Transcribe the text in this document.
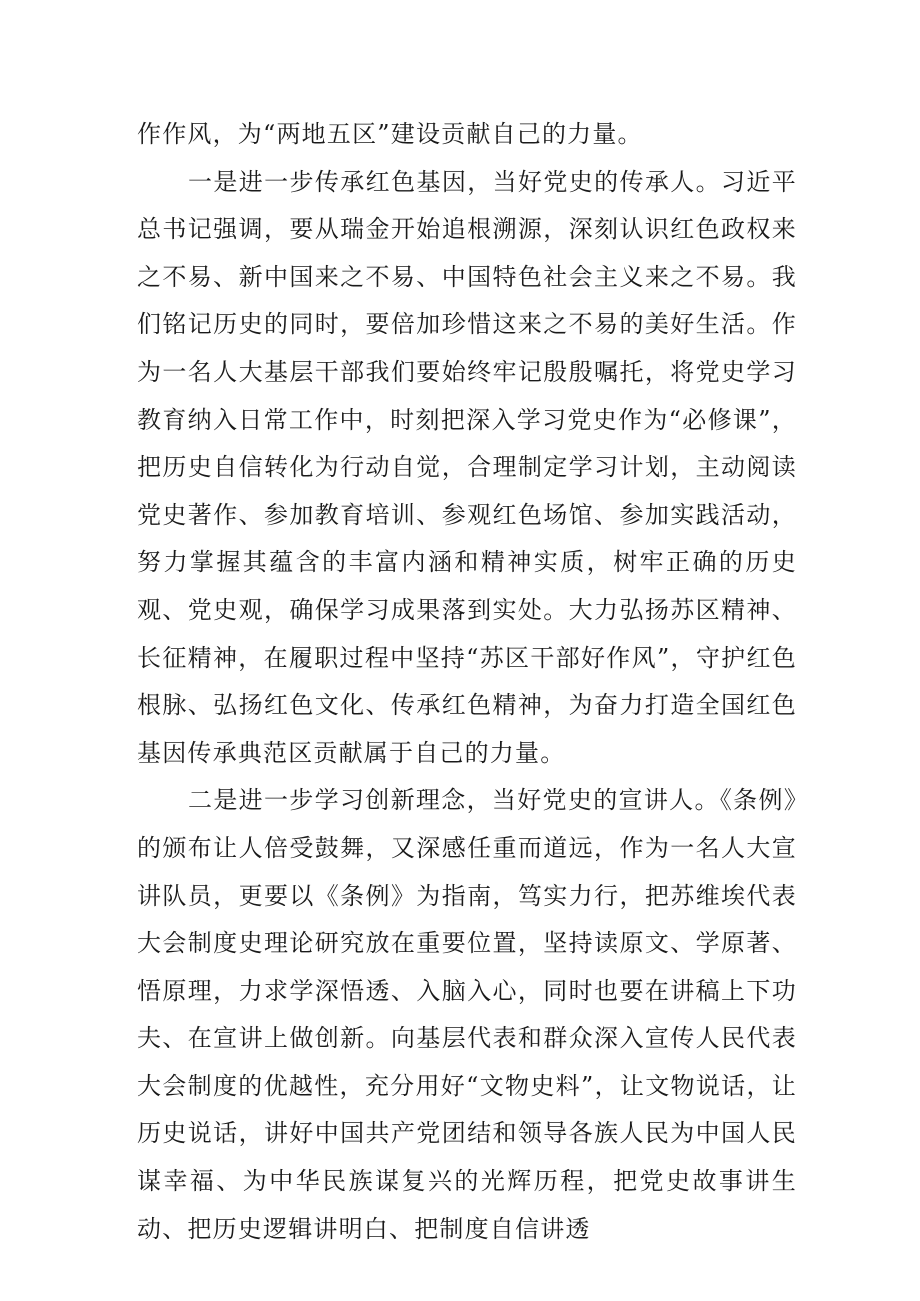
作作风，为“两地五区”建设贡献自己的力量。

一是进一步传承红色基因，当好党史的传承人。习近平总书记强调，要从瑞金开始追根溯源，深刻认识红色政权来之不易、新中国来之不易、中国特色社会主义来之不易。我们铭记历史的同时，要倍加珍惜这来之不易的美好生活。作为一名人大基层干部我们要始终牢记殷殷嘱托，将党史学习教育纳入日常工作中，时刻把深入学习党史作为“必修课”，把历史自信转化为行动自觉，合理制定学习计划，主动阅读党史著作、参加教育培训、参观红色场馆、参加实践活动，努力掌握其蕴含的丰富内涵和精神实质，树牢正确的历史观、党史观，确保学习成果落到实处。大力弘扬苏区精神、长征精神，在履职过程中坚持“苏区干部好作风”，守护红色根脉、弘扬红色文化、传承红色精神，为奋力打造全国红色基因传承典范区贡献属于自己的力量。

二是进一步学习创新理念，当好党史的宣讲人。《条例》的颁布让人倍受鼓舞，又深感任重而道远，作为一名人大宣讲队员，更要以《条例》为指南，笃实力行，把苏维埃代表大会制度史理论研究放在重要位置，坚持读原文、学原著、悟原理，力求学深悟透、入脑入心，同时也要在讲稿上下功夫、在宣讲上做创新。向基层代表和群众深入宣传人民代表大会制度的优越性，充分用好“文物史料”，让文物说话，让历史说话，讲好中国共产党团结和领导各族人民为中国人民谋幸福、为中华民族谋复兴的光辉历程，把党史故事讲生动、把历史逻辑讲明白、把制度自信讲透
